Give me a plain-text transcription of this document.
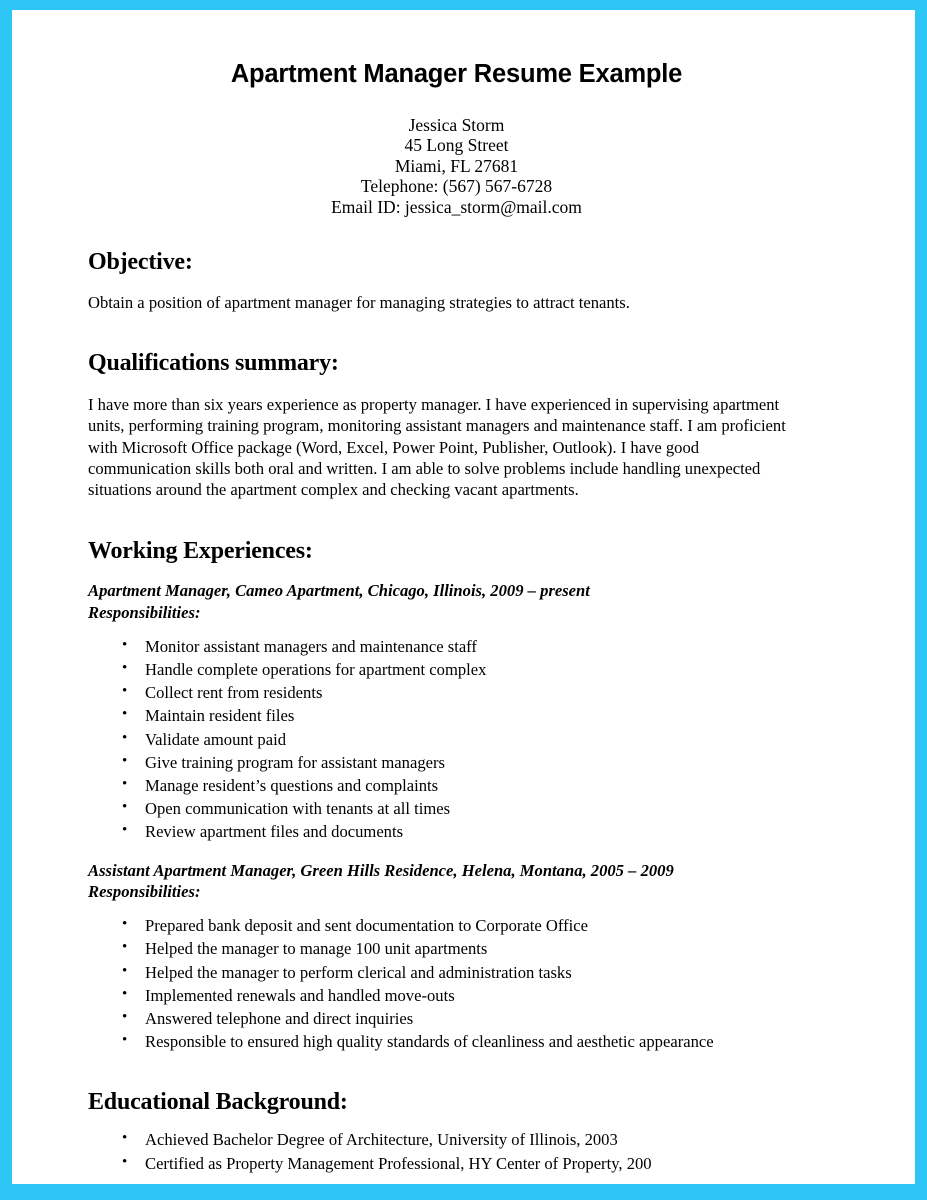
Apartment Manager Resume Example
Jessica Storm
45 Long Street
Miami, FL 27681
Telephone: (567) 567-6728
Email ID: jessica_storm@mail.com
Objective:

Obtain a position of apartment manager for managing strategies to attract tenants.

Qualifications summary:

I have more than six years experience as property manager. I have experienced in supervising apartment units, performing training program, monitoring assistant managers and maintenance staff. I am proficient with Microsoft Office package (Word, Excel, Power Point, Publisher, Outlook). I have good communication skills both oral and written. I am able to solve problems include handling unexpected situations around the apartment complex and checking vacant apartments.

Working Experiences:
Apartment Manager, Cameo Apartment, Chicago, Illinois, 2009 – present
Responsibilities:
• Monitor assistant managers and maintenance staff
• Handle complete operations for apartment complex
• Collect rent from residents
• Maintain resident files
• Validate amount paid
• Give training program for assistant managers
• Manage resident’s questions and complaints
• Open communication with tenants at all times
• Review apartment files and documents
Assistant Apartment Manager, Green Hills Residence, Helena, Montana, 2005 – 2009
Responsibilities:
• Prepared bank deposit and sent documentation to Corporate Office
• Helped the manager to manage 100 unit apartments
• Helped the manager to perform clerical and administration tasks
• Implemented renewals and handled move-outs
• Answered telephone and direct inquiries
• Responsible to ensured high quality standards of cleanliness and aesthetic appearance
Educational Background:
• Achieved Bachelor Degree of Architecture, University of Illinois, 2003
• Certified as Property Management Professional, HY Center of Property, 200
